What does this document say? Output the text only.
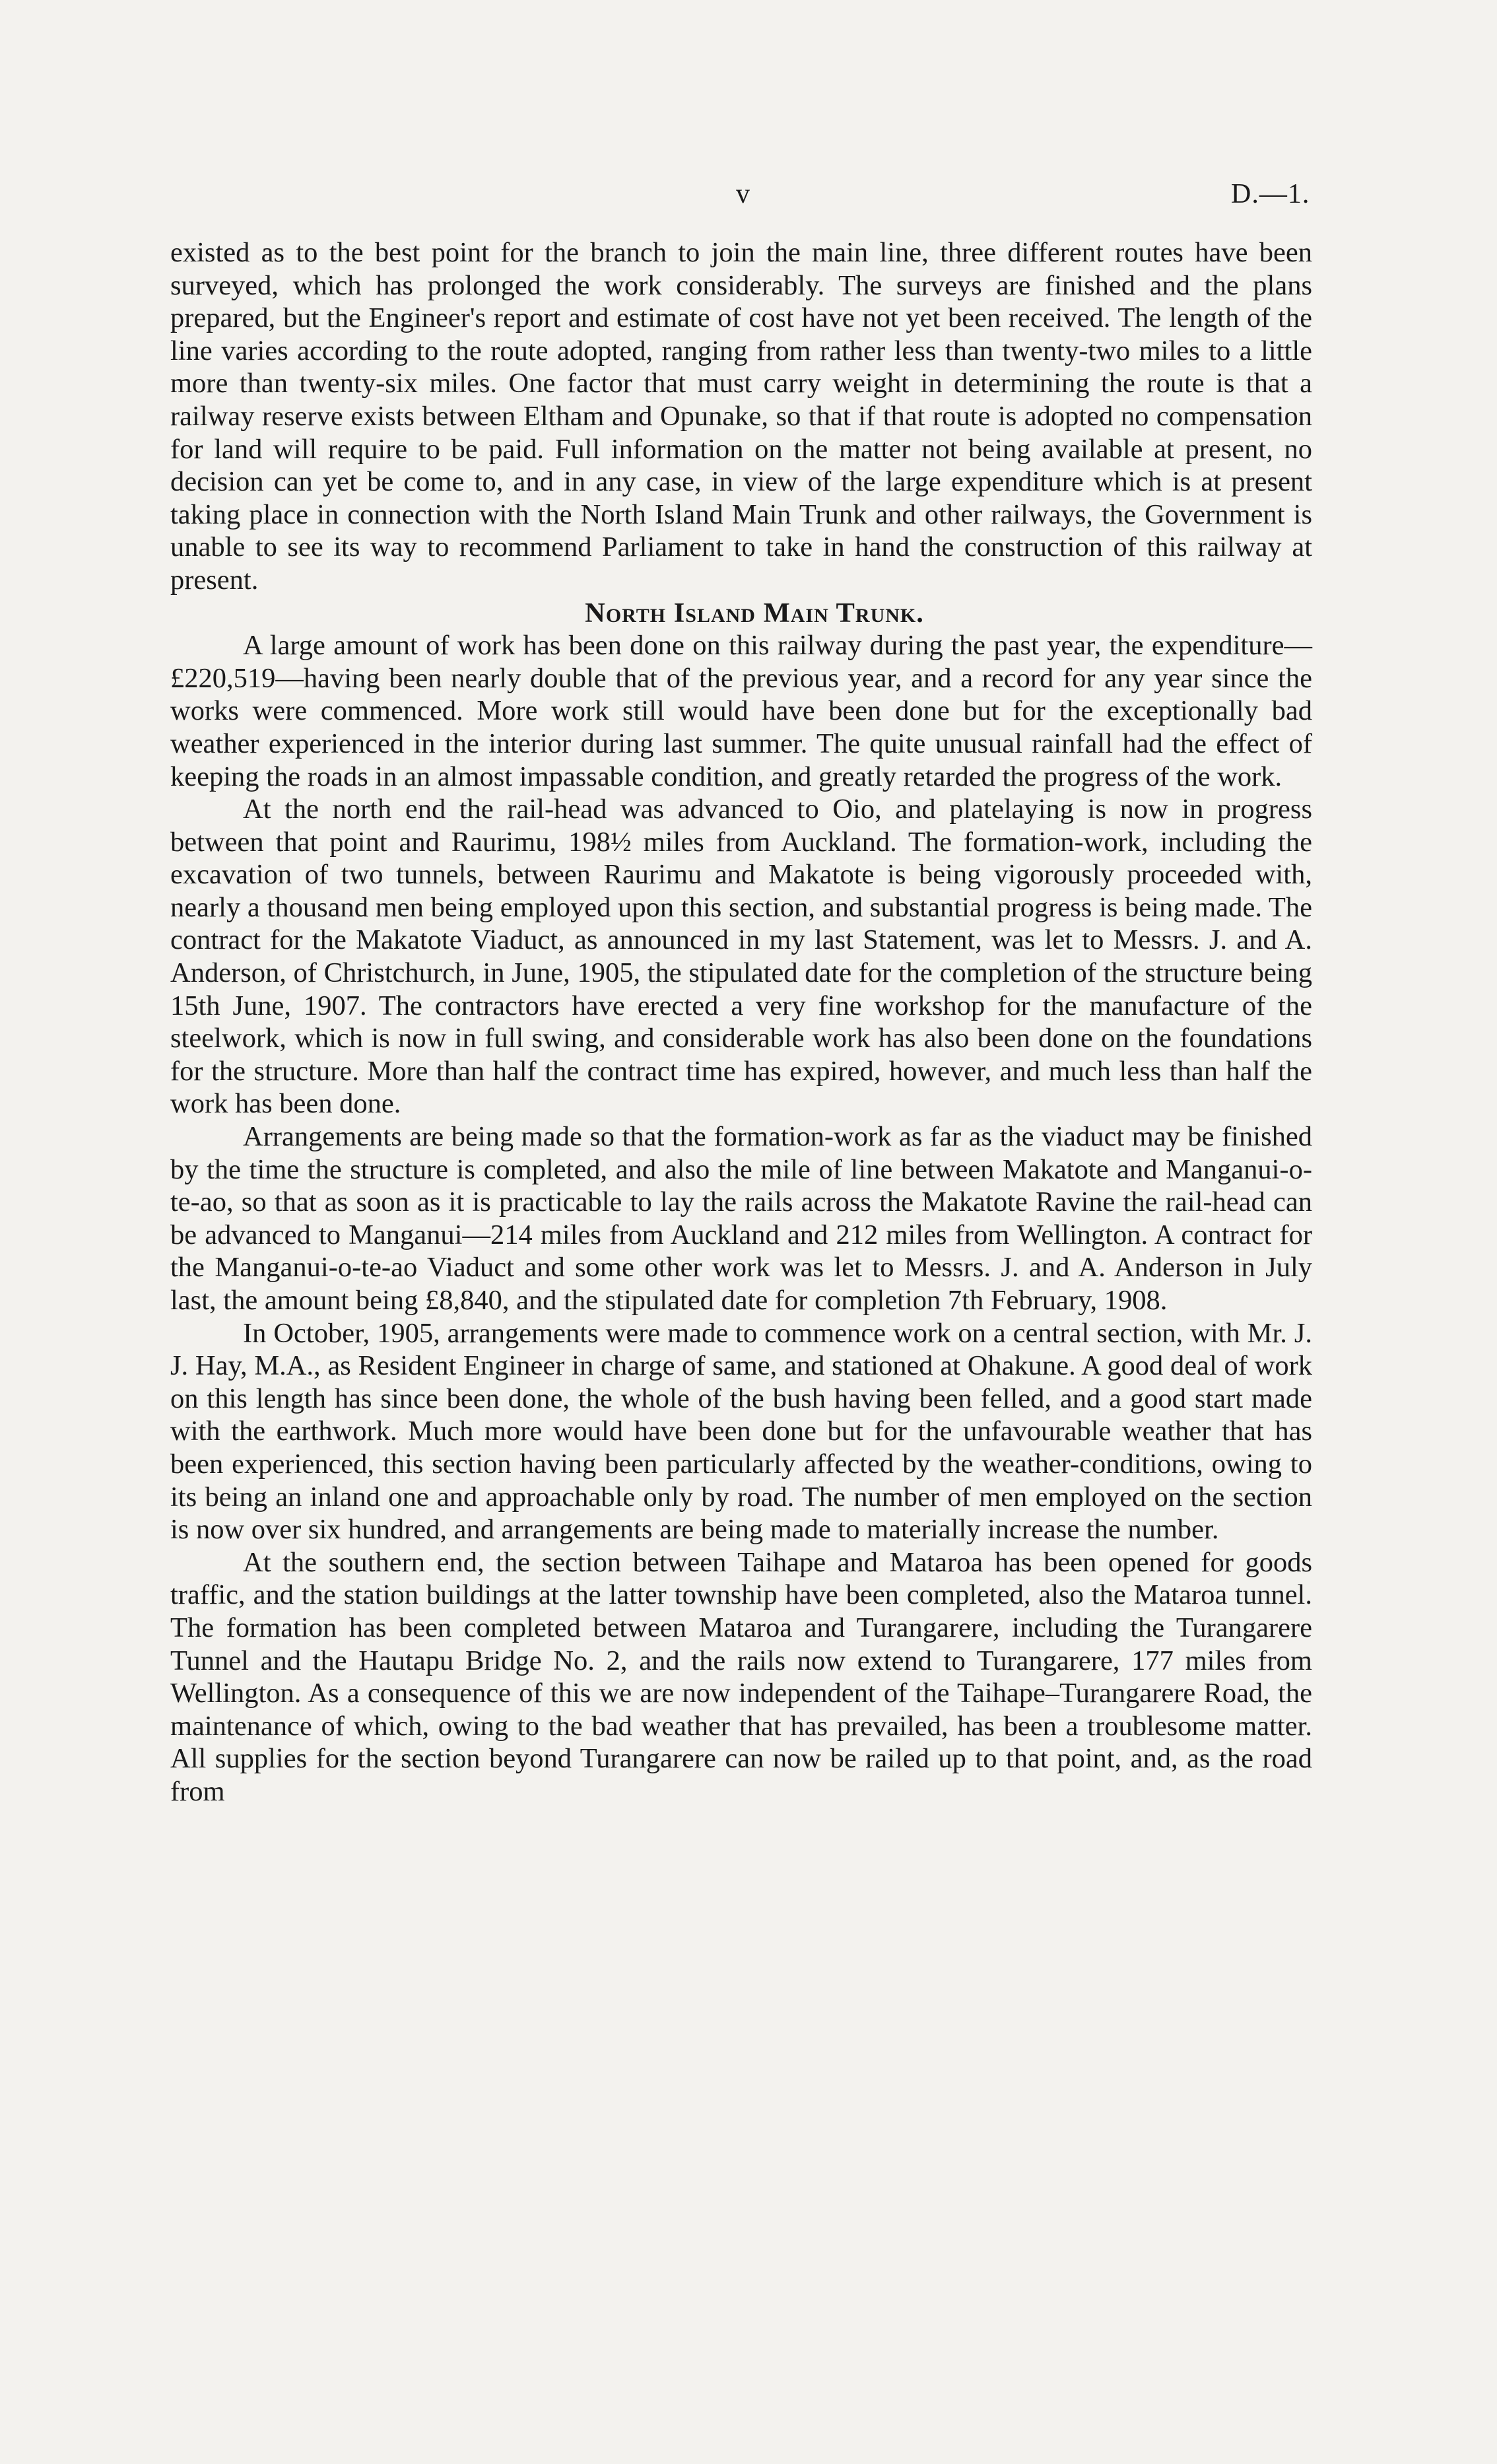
v	D.—1.

existed as to the best point for the branch to join the main line, three different routes have been surveyed, which has prolonged the work considerably. The surveys are finished and the plans prepared, but the Engineer's report and estimate of cost have not yet been received. The length of the line varies according to the route adopted, ranging from rather less than twenty-two miles to a little more than twenty-six miles. One factor that must carry weight in determining the route is that a railway reserve exists between Eltham and Opunake, so that if that route is adopted no compensation for land will require to be paid. Full information on the matter not being available at present, no decision can yet be come to, and in any case, in view of the large expenditure which is at present taking place in connection with the North Island Main Trunk and other railways, the Government is unable to see its way to recommend Parliament to take in hand the construction of this railway at present.

North Island Main Trunk.

A large amount of work has been done on this railway during the past year, the expenditure—£220,519—having been nearly double that of the previous year, and a record for any year since the works were commenced. More work still would have been done but for the exceptionally bad weather experienced in the interior during last summer. The quite unusual rainfall had the effect of keeping the roads in an almost impassable condition, and greatly retarded the progress of the work.

At the north end the rail-head was advanced to Oio, and platelaying is now in progress between that point and Raurimu, 198½ miles from Auckland. The formation-work, including the excavation of two tunnels, between Raurimu and Makatote is being vigorously proceeded with, nearly a thousand men being employed upon this section, and substantial progress is being made. The contract for the Makatote Viaduct, as announced in my last Statement, was let to Messrs. J. and A. Anderson, of Christchurch, in June, 1905, the stipulated date for the completion of the structure being 15th June, 1907. The contractors have erected a very fine workshop for the manufacture of the steelwork, which is now in full swing, and considerable work has also been done on the foundations for the structure. More than half the contract time has expired, however, and much less than half the work has been done.

Arrangements are being made so that the formation-work as far as the viaduct may be finished by the time the structure is completed, and also the mile of line between Makatote and Manganui-o-te-ao, so that as soon as it is practicable to lay the rails across the Makatote Ravine the rail-head can be advanced to Manganui—214 miles from Auckland and 212 miles from Wellington. A contract for the Manganui-o-te-ao Viaduct and some other work was let to Messrs. J. and A. Anderson in July last, the amount being £8,840, and the stipulated date for completion 7th February, 1908.

In October, 1905, arrangements were made to commence work on a central section, with Mr. J. J. Hay, M.A., as Resident Engineer in charge of same, and stationed at Ohakune. A good deal of work on this length has since been done, the whole of the bush having been felled, and a good start made with the earthwork. Much more would have been done but for the unfavourable weather that has been experienced, this section having been particularly affected by the weather-conditions, owing to its being an inland one and approachable only by road. The number of men employed on the section is now over six hundred, and arrangements are being made to materially increase the number.

At the southern end, the section between Taihape and Mataroa has been opened for goods traffic, and the station buildings at the latter township have been completed, also the Mataroa tunnel. The formation has been completed between Mataroa and Turangarere, including the Turangarere Tunnel and the Hautapu Bridge No. 2, and the rails now extend to Turangarere, 177 miles from Wellington. As a consequence of this we are now independent of the Taihape–Turangarere Road, the maintenance of which, owing to the bad weather that has prevailed, has been a troublesome matter. All supplies for the section beyond Turangarere can now be railed up to that point, and, as the road from
